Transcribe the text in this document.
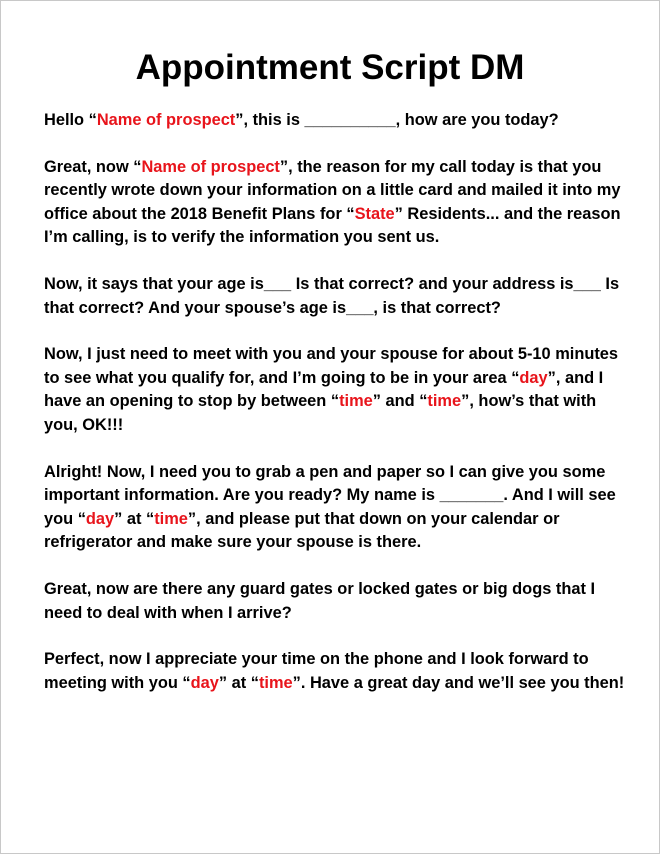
Appointment Script DM

Hello “Name of prospect”, this is __________, how are you today?

Great, now “Name of prospect”, the reason for my call today is that you recently wrote down your information on a little card and mailed it into my office about the 2018 Benefit Plans for “State” Residents... and the reason I’m calling, is to verify the information you sent us.

Now, it says that your age is___ Is that correct? and your address is___ Is that correct? And your spouse’s age is___, is that correct?

Now, I just need to meet with you and your spouse for about 5-10 minutes to see what you qualify for, and I’m going to be in your area “day”, and I have an opening to stop by between “time” and “time”, how’s that with you, OK!!!

Alright! Now, I need you to grab a pen and paper so I can give you some important information. Are you ready? My name is _______. And I will see you “day” at “time”, and please put that down on your calendar or refrigerator and make sure your spouse is there.

Great, now are there any guard gates or locked gates or big dogs that I need to deal with when I arrive?

Perfect, now I appreciate your time on the phone and I look forward to meeting with you “day” at “time”. Have a great day and we’ll see you then!
